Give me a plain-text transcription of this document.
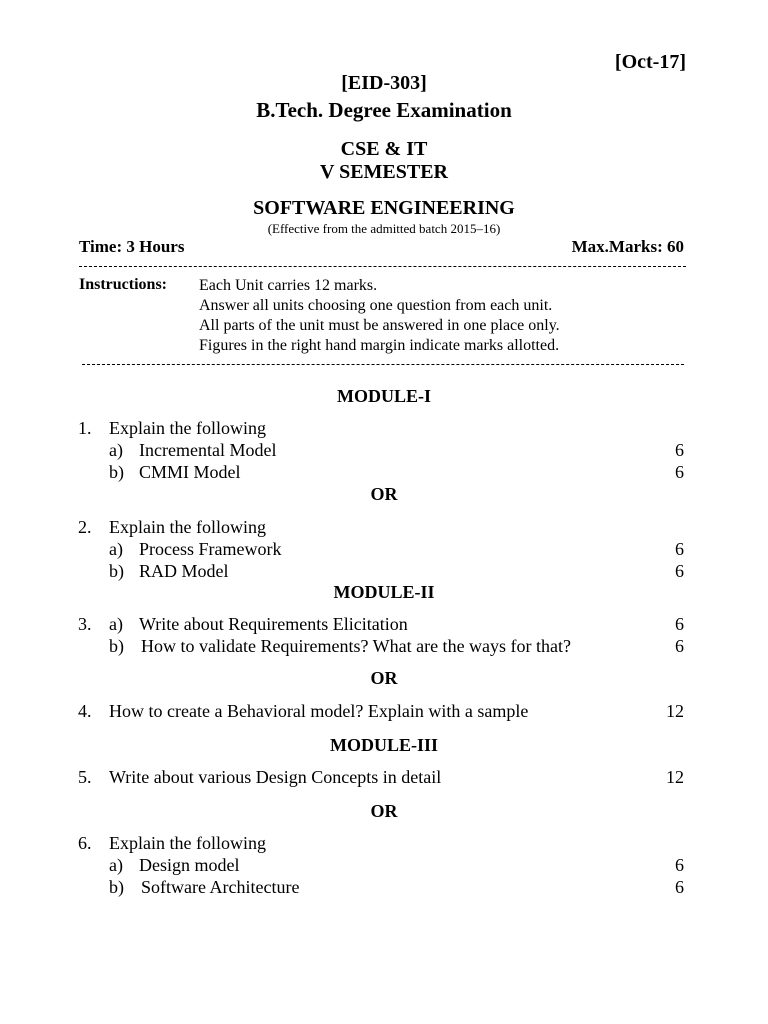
[Oct-17]
[EID-303]
B.Tech. Degree Examination
CSE & IT
V SEMESTER
SOFTWARE ENGINEERING
(Effective from the admitted batch 2015–16)
Time: 3 Hours	Max.Marks: 60
Instructions: Each Unit carries 12 marks.
Answer all units choosing one question from each unit.
All parts of the unit must be answered in one place only.
Figures in the right hand margin indicate marks allotted.
MODULE-I
1. Explain the following
a) Incremental Model	6
b) CMMI Model	6
OR
2. Explain the following
a) Process Framework	6
b) RAD Model	6
MODULE-II
3. a) Write about Requirements Elicitation	6
b) How to validate Requirements? What are the ways for that?	6
OR
4. How to create a Behavioral model? Explain with a sample	12
MODULE-III
5. Write about various Design Concepts in detail	12
OR
6. Explain the following
a) Design model	6
b) Software Architecture	6
